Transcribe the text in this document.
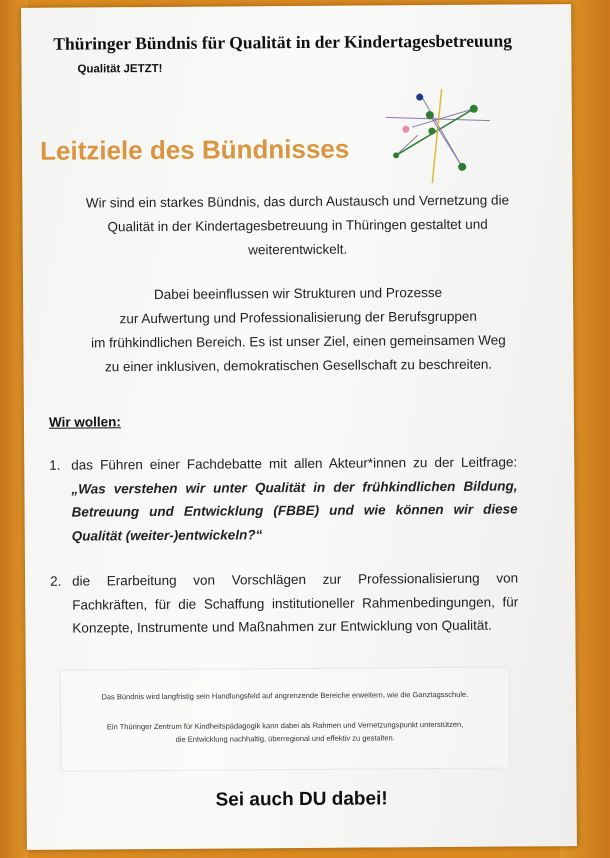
Thüringer Bündnis für Qualität in der Kindertagesbetreuung
Qualität JETZT!
Leitziele des Bündnisses
Wir sind ein starkes Bündnis, das durch Austausch und Vernetzung die
Qualität in der Kindertagesbetreuung in Thüringen gestaltet und
weiterentwickelt.
Dabei beeinflussen wir Strukturen und Prozesse
zur Aufwertung und Professionalisierung der Berufsgruppen
im frühkindlichen Bereich. Es ist unser Ziel, einen gemeinsamen Weg
zu einer inklusiven, demokratischen Gesellschaft zu beschreiten.
Wir wollen:
1. das Führen einer Fachdebatte mit allen Akteur*innen zu der Leitfrage: „Was verstehen wir unter Qualität in der frühkindlichen Bildung, Betreuung und Entwicklung (FBBE) und wie können wir diese Qualität (weiter-)entwickeln?“
2. die Erarbeitung von Vorschlägen zur Professionalisierung von Fachkräften, für die Schaffung institutioneller Rahmenbedingungen, für Konzepte, Instrumente und Maßnahmen zur Entwicklung von Qualität.
Das Bündnis wird langfristig sein Handlungsfeld auf angrenzende Bereiche erweitern, wie die Ganztagsschule.
Ein Thüringer Zentrum für Kindheitspädagogik kann dabei als Rahmen und Vernetzungspunkt unterstützen,
die Entwicklung nachhaltig, überregional und effektiv zu gestalten.
Sei auch DU dabei!
